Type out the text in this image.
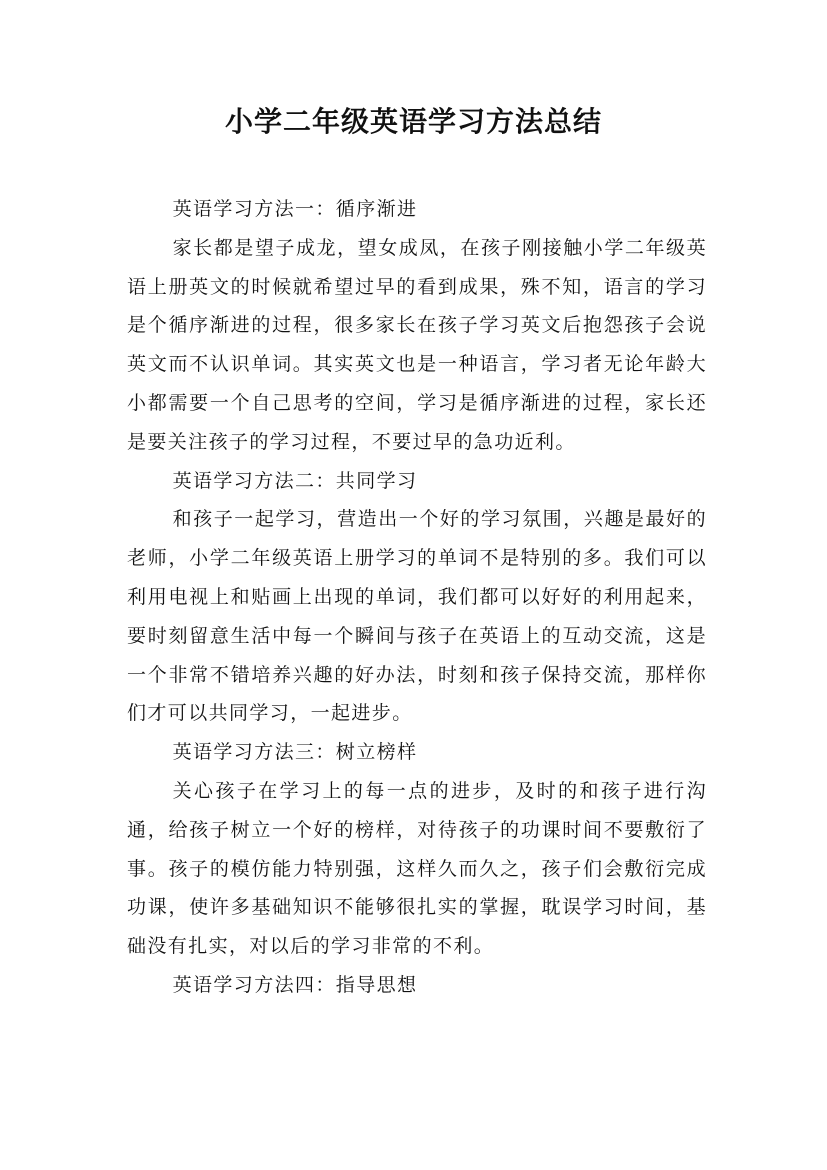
小学二年级英语学习方法总结

英语学习方法一：循序渐进

家长都是望子成龙，望女成凤，在孩子刚接触小学二年级英语上册英文的时候就希望过早的看到成果，殊不知，语言的学习是个循序渐进的过程，很多家长在孩子学习英文后抱怨孩子会说英文而不认识单词。其实英文也是一种语言，学习者无论年龄大小都需要一个自己思考的空间，学习是循序渐进的过程，家长还是要关注孩子的学习过程，不要过早的急功近利。

英语学习方法二：共同学习

和孩子一起学习，营造出一个好的学习氛围，兴趣是最好的老师，小学二年级英语上册学习的单词不是特别的多。我们可以利用电视上和贴画上出现的单词，我们都可以好好的利用起来，要时刻留意生活中每一个瞬间与孩子在英语上的互动交流，这是一个非常不错培养兴趣的好办法，时刻和孩子保持交流，那样你们才可以共同学习，一起进步。

英语学习方法三：树立榜样

关心孩子在学习上的每一点的进步，及时的和孩子进行沟通，给孩子树立一个好的榜样，对待孩子的功课时间不要敷衍了事。孩子的模仿能力特别强，这样久而久之，孩子们会敷衍完成功课，使许多基础知识不能够很扎实的掌握，耽误学习时间，基础没有扎实，对以后的学习非常的不利。

英语学习方法四：指导思想
